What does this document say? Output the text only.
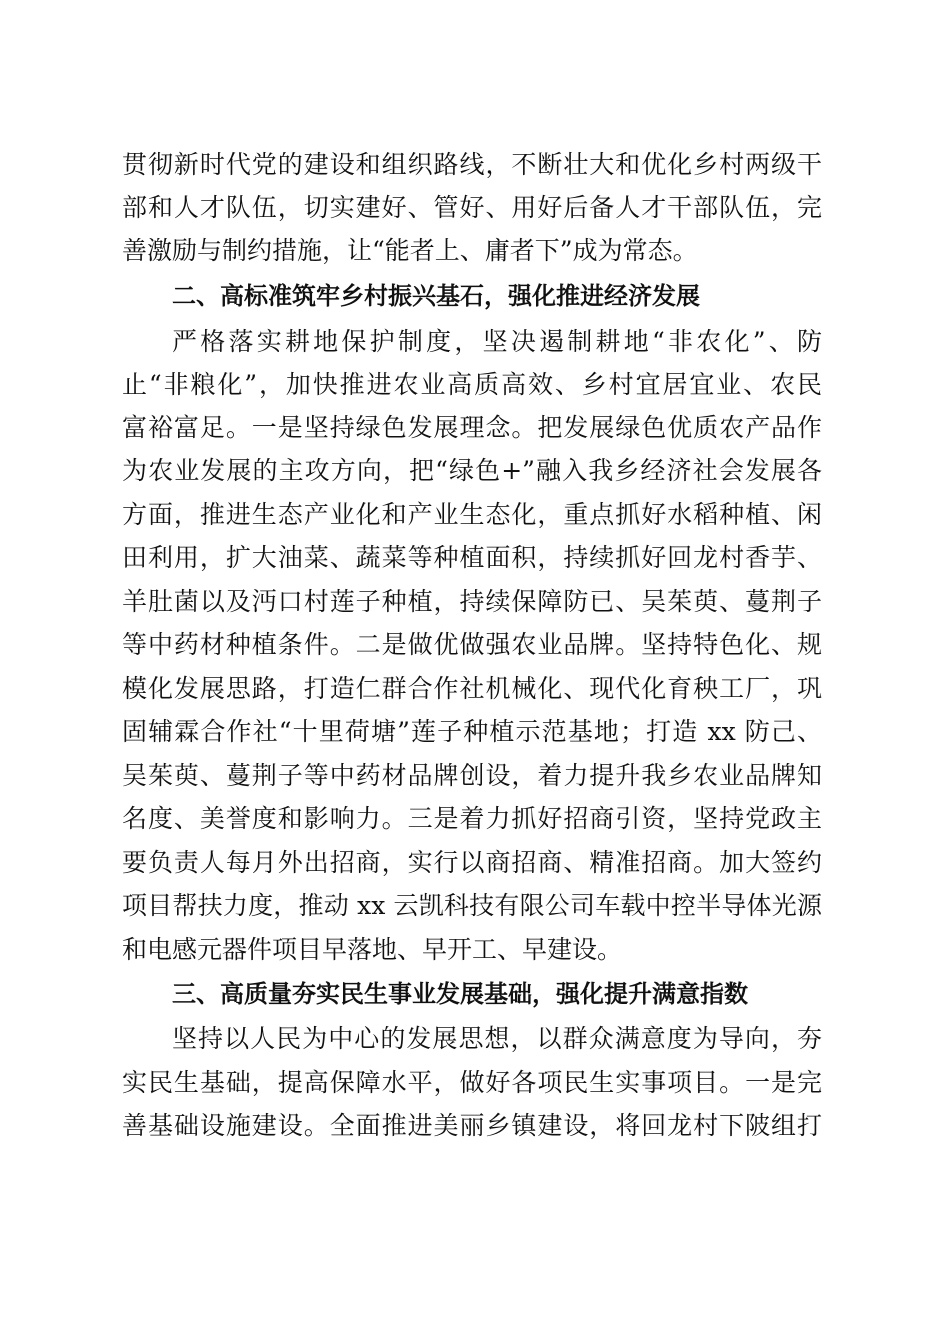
贯彻新时代党的建设和组织路线，不断壮大和优化乡村两级干
部和人才队伍，切实建好、管好、用好后备人才干部队伍，完
善激励与制约措施，让“能者上、庸者下”成为常态。
二、高标准筑牢乡村振兴基石，强化推进经济发展
严格落实耕地保护制度，坚决遏制耕地“非农化”、防
止“非粮化”，加快推进农业高质高效、乡村宜居宜业、农民
富裕富足。一是坚持绿色发展理念。把发展绿色优质农产品作
为农业发展的主攻方向，把“绿色+”融入我乡经济社会发展各
方面，推进生态产业化和产业生态化，重点抓好水稻种植、闲
田利用，扩大油菜、蔬菜等种植面积，持续抓好回龙村香芋、
羊肚菌以及沔口村莲子种植，持续保障防已、吴茱萸、蔓荆子
等中药材种植条件。二是做优做强农业品牌。坚持特色化、规
模化发展思路，打造仁群合作社机械化、现代化育秧工厂，巩
固辅霖合作社“十里荷塘”莲子种植示范基地；打造 xx 防己、
吴茱萸、蔓荆子等中药材品牌创设，着力提升我乡农业品牌知
名度、美誉度和影响力。三是着力抓好招商引资，坚持党政主
要负责人每月外出招商，实行以商招商、精准招商。加大签约
项目帮扶力度，推动 xx 云凯科技有限公司车载中控半导体光源
和电感元器件项目早落地、早开工、早建设。
三、高质量夯实民生事业发展基础，强化提升满意指数
坚持以人民为中心的发展思想，以群众满意度为导向，夯
实民生基础，提高保障水平，做好各项民生实事项目。一是完
善基础设施建设。全面推进美丽乡镇建设，将回龙村下陂组打
